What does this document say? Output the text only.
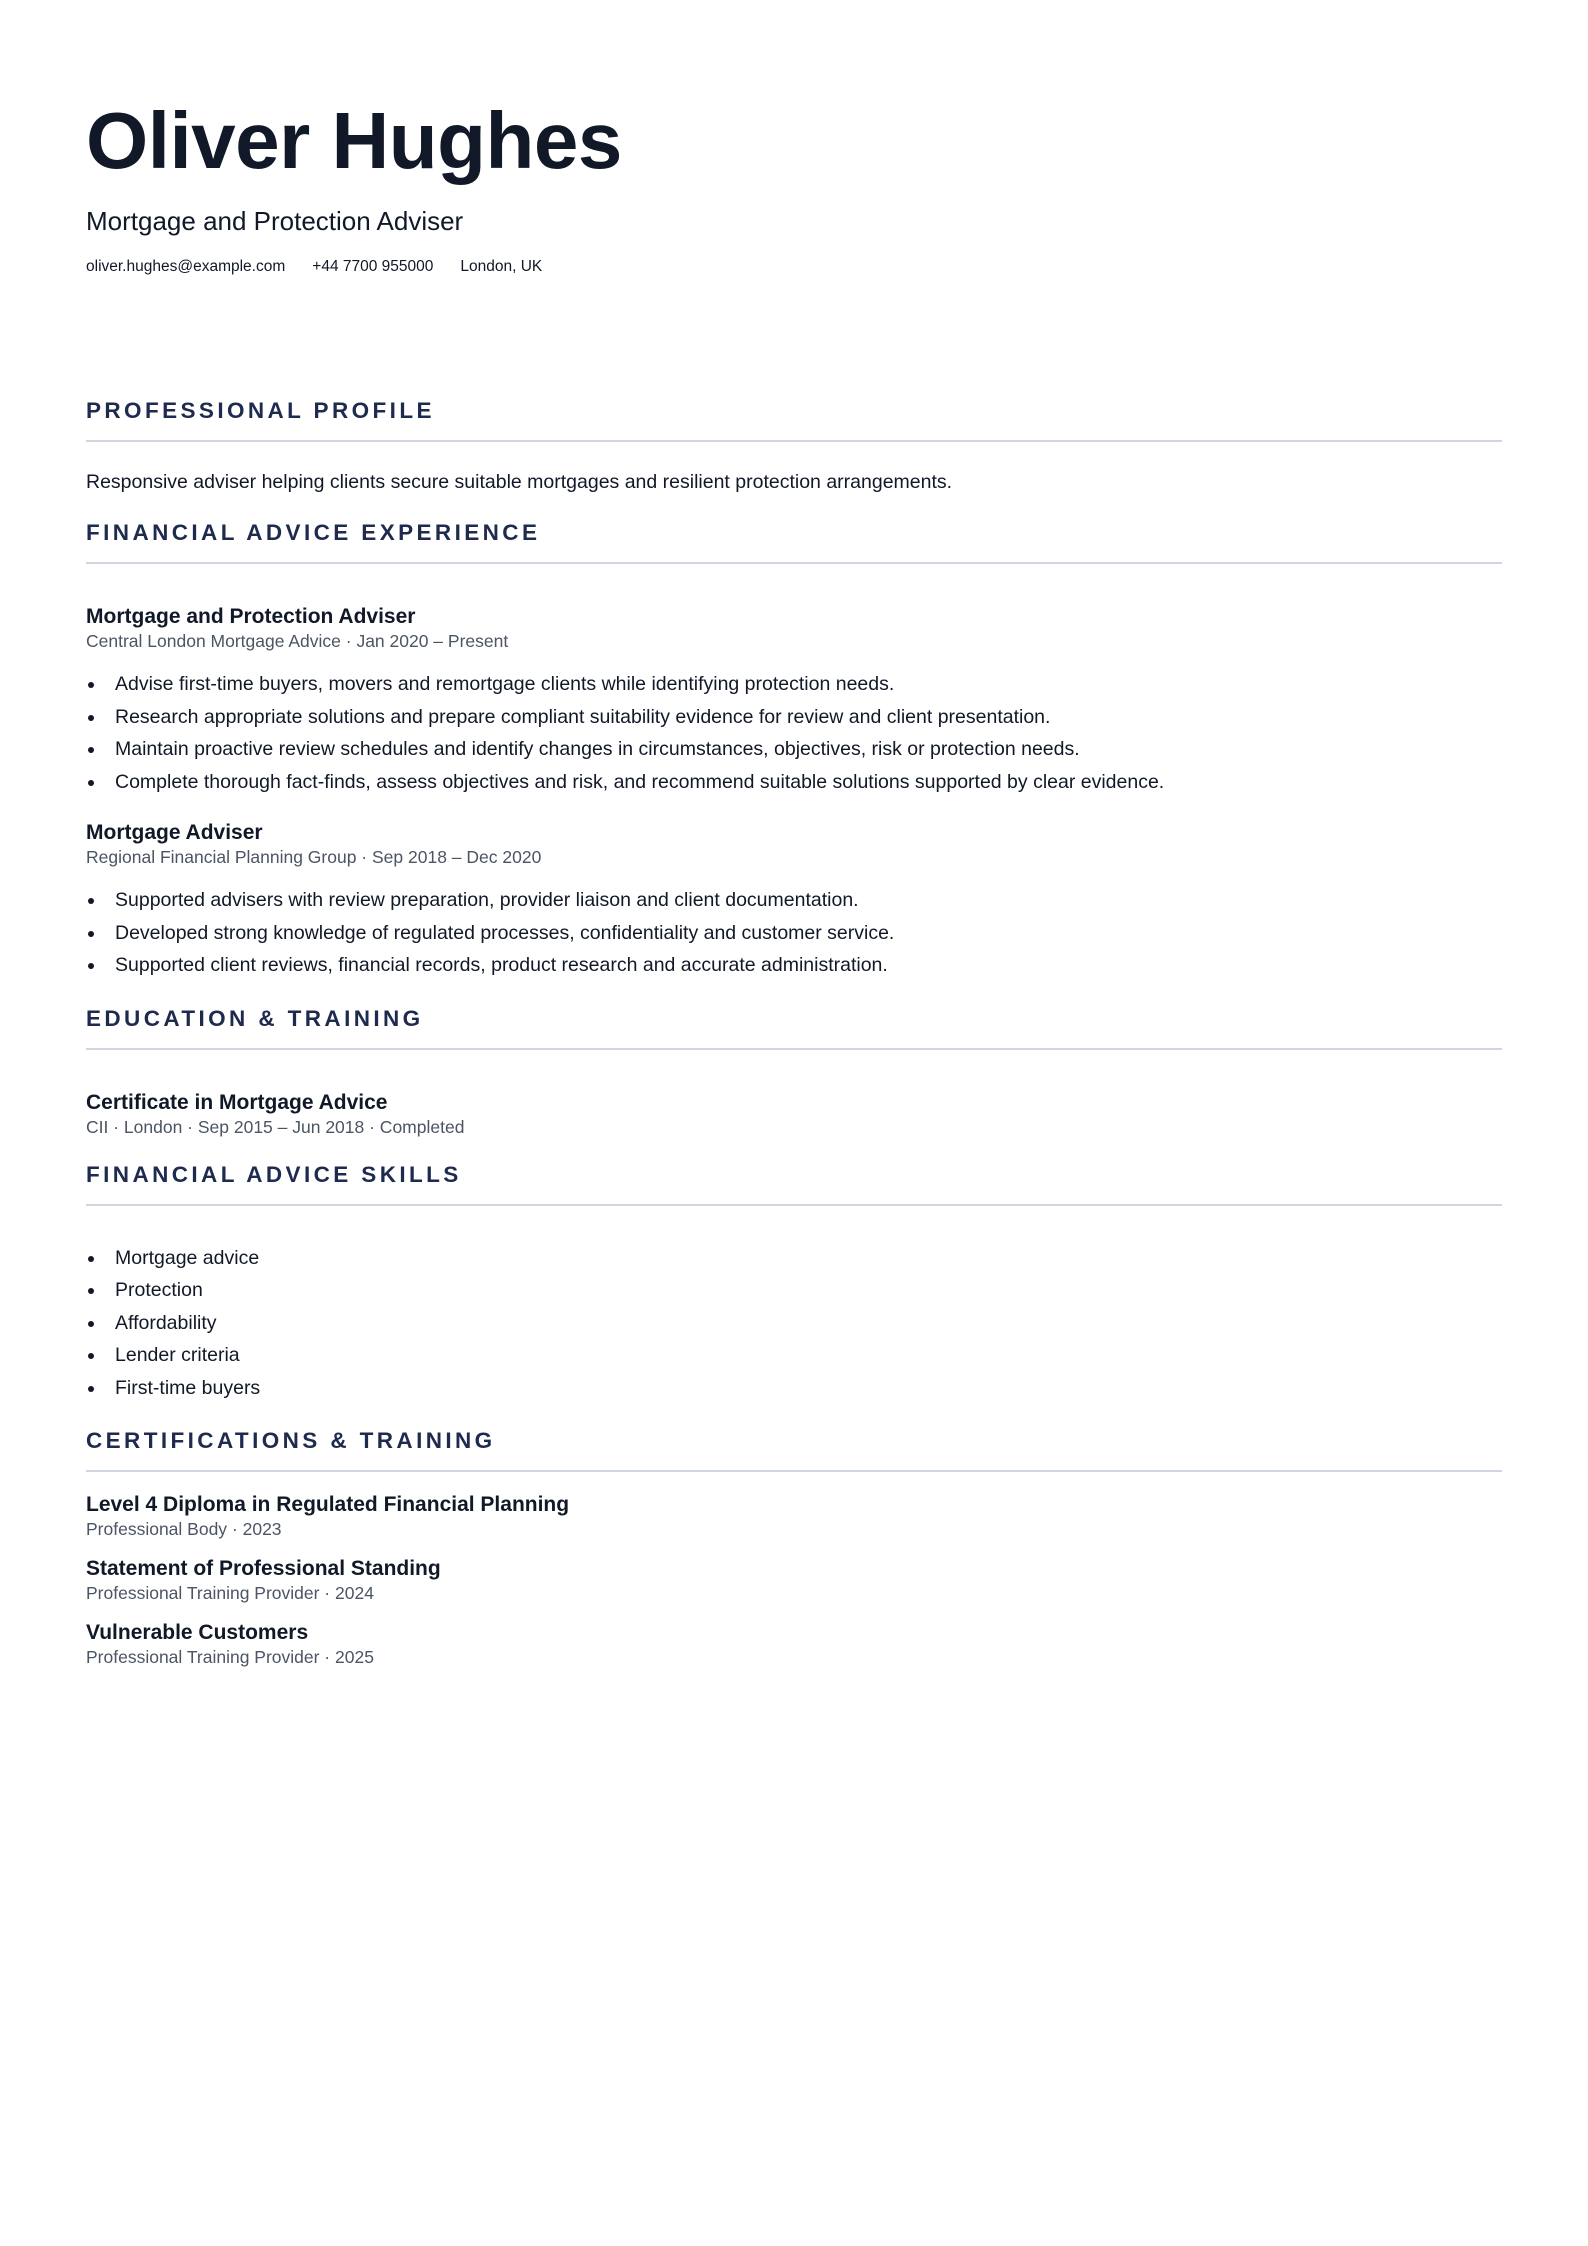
Oliver Hughes
Mortgage and Protection Adviser
oliver.hughes@example.com +44 7700 955000 London, UK
PROFESSIONAL PROFILE
Responsive adviser helping clients secure suitable mortgages and resilient protection arrangements.
FINANCIAL ADVICE EXPERIENCE
Mortgage and Protection Adviser
Central London Mortgage Advice · Jan 2020 – Present
Advise first-time buyers, movers and remortgage clients while identifying protection needs.
Research appropriate solutions and prepare compliant suitability evidence for review and client presentation.
Maintain proactive review schedules and identify changes in circumstances, objectives, risk or protection needs.
Complete thorough fact-finds, assess objectives and risk, and recommend suitable solutions supported by clear evidence.
Mortgage Adviser
Regional Financial Planning Group · Sep 2018 – Dec 2020
Supported advisers with review preparation, provider liaison and client documentation.
Developed strong knowledge of regulated processes, confidentiality and customer service.
Supported client reviews, financial records, product research and accurate administration.
EDUCATION & TRAINING
Certificate in Mortgage Advice
CII · London · Sep 2015 – Jun 2018 · Completed
FINANCIAL ADVICE SKILLS
Mortgage advice
Protection
Affordability
Lender criteria
First-time buyers
CERTIFICATIONS & TRAINING
Level 4 Diploma in Regulated Financial Planning
Professional Body · 2023
Statement of Professional Standing
Professional Training Provider · 2024
Vulnerable Customers
Professional Training Provider · 2025
